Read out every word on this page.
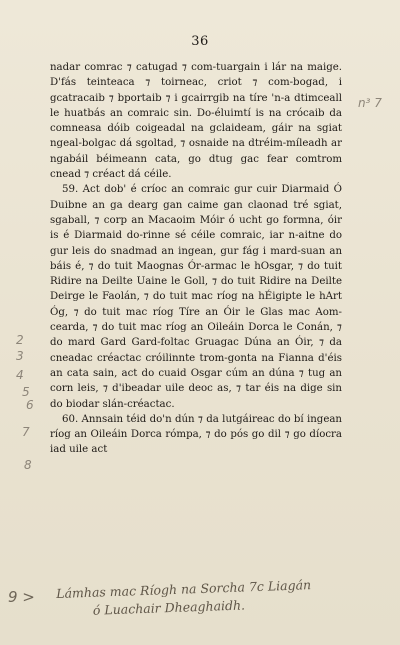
36

nadar comrac ⁊ catugad ⁊ com-tuargain i lár na maige. D'fás teinteaca ⁊ toirneac, criot ⁊ com-bogad, i gcatracaib ⁊ bportaib ⁊ i gcairrgib na tíre 'n-a dtimceall le huatbás an comraic sin. Do-éluimtí is na crócaib da comneasa dóib coigeadal na gclaideam, gáir na sgiat ngeal-bolgac dá sgoltad, ⁊ osnaide na dtréim-míleadh ar ngabáil béimeann cata, go dtug gac fear comtrom cnead ⁊ créact dá céile.

59. Act dob' é críoc an comraic gur cuir Diarmaid Ó Duibne an ga dearg gan caime gan claonad tré sgiat, sgaball, ⁊ corp an Macaoim Móir ó ucht go formna, óir is é Diarmaid do-rinne sé céile comraic, iar n-aitne do gur leis do snadmad an ingean, gur fág i mard-suan an báis é, ⁊ do tuit Maognas Ór-armac le hOsgar, ⁊ do tuit Ridire na Deilte Uaine le Goll, ⁊ do tuit Ridire na Deilte Deirge le Faolán, ⁊ do tuit mac ríog na hÉigipte le hArt Óg, ⁊ do tuit mac ríog Tíre an Óir le Glas mac Aom-cearda, ⁊ do tuit mac ríog an Oileáin Dorca le Conán, ⁊ do mard Gard Gard-foltac Gruagac Dúna an Óir, ⁊ da cneadac créactac cróilinnte trom-gonta na Fianna d'éis an cata sain, act do cuaid Osgar cúm an dúna ⁊ tug an corn leis, ⁊ d'ibeadar uile deoc as, ⁊ tar éis na dige sin do biodar slán-créactac.

60. Annsain téid do'n dún ⁊ da lutgáireac do bí ingean ríog an Oileáin Dorca rómpa, ⁊ do pós go dil ⁊ go díocra iad uile act

2
3
4
5
6
7
8
n³ 7
9 >	Lámhas mac Ríogh na Sorcha 7c Liagán
ó Luachair Dheaghaidh.
